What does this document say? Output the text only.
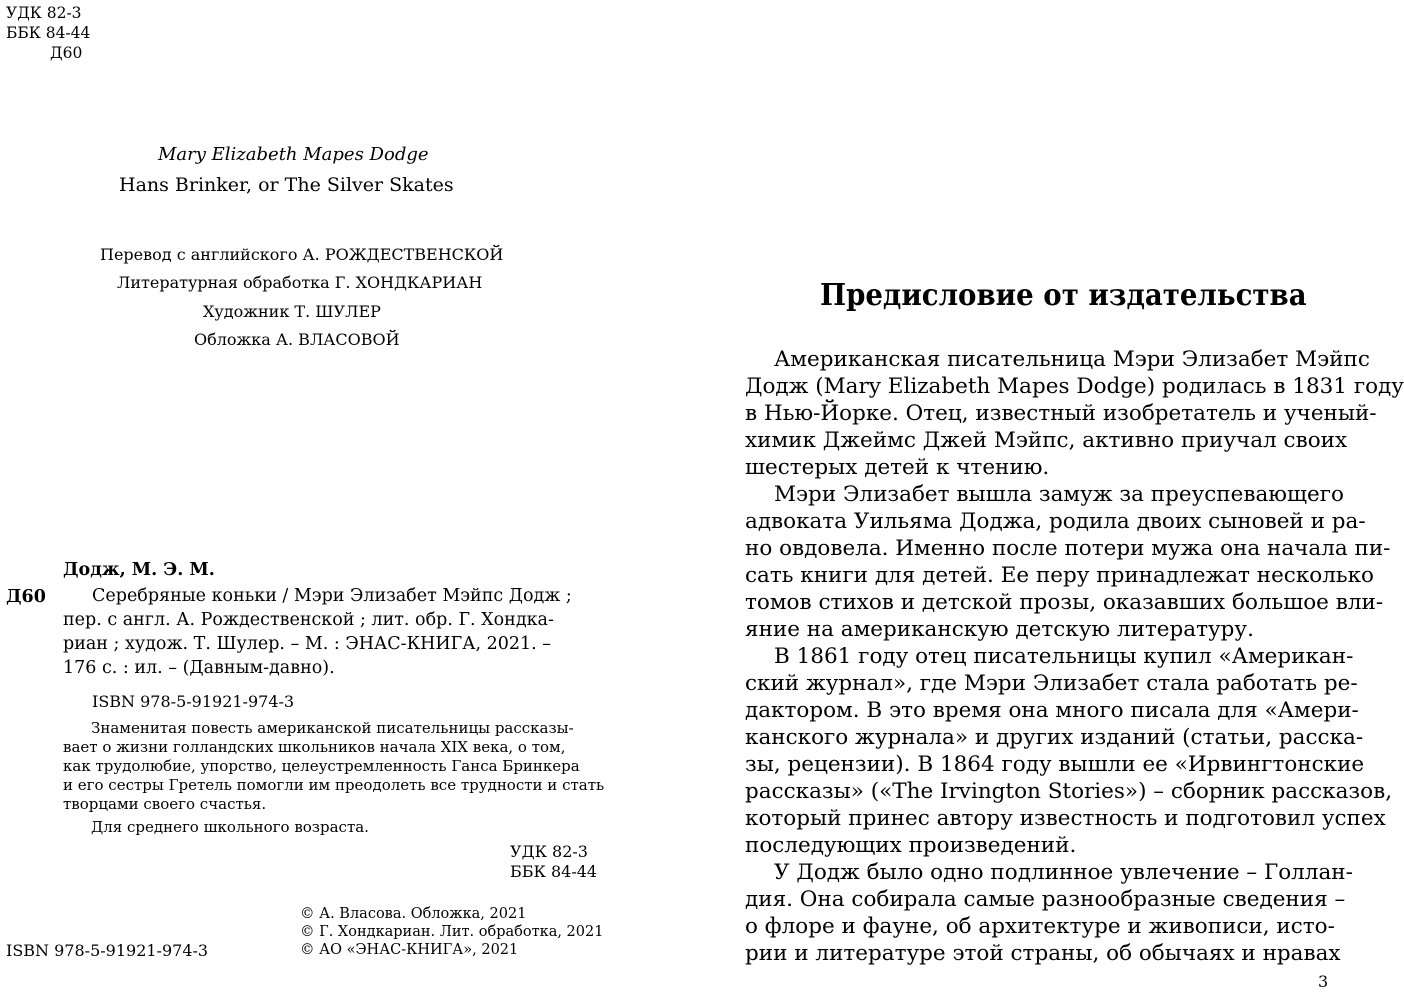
УДК 82-3
ББК 84-44
Д60
Mary Elizabeth Mapes Dodge
Hans Brinker, or The Silver Skates
Перевод с английского А. РОЖДЕСТВЕНСКОЙ
Литературная обработка Г. ХОНДКАРИАН
Художник Т. ШУЛЕР
Обложка А. ВЛАСОВОЙ
Додж, М. Э. М.
Д60	Серебряные коньки / Мэри Элизабет Мэйпс Додж ;
пер. с англ. А. Рождественской ; лит. обр. Г. Хондка-
риан ; худож. Т. Шулер. – М. : ЭНАС-КНИГА, 2021. –
176 с. : ил. – (Давным-давно).
ISBN 978-5-91921-974-3
Знаменитая повесть американской писательницы рассказы-
вает о жизни голландских школьников начала XIX века, о том,
как трудолюбие, упорство, целеустремленность Ганса Бринкера
и его сестры Гретель помогли им преодолеть все трудности и стать
творцами своего счастья.
Для среднего школьного возраста.
УДК 82-3
ББК 84-44
© А. Власова. Обложка, 2021
© Г. Хондкариан. Лит. обработка, 2021
© АО «ЭНАС-КНИГА», 2021
ISBN 978-5-91921-974-3
Предисловие от издательства
Американская писательница Мэри Элизабет Мэйпс
Додж (Mary Elizabeth Mapes Dodge) родилась в 1831 году
в Нью-Йорке. Отец, известный изобретатель и ученый-
химик Джеймс Джей Мэйпс, активно приучал своих
шестерых детей к чтению.
Мэри Элизабет вышла замуж за преуспевающего
адвоката Уильяма Доджа, родила двоих сыновей и ра-
но овдовела. Именно после потери мужа она начала пи-
сать книги для детей. Ее перу принадлежат несколько
томов стихов и детской прозы, оказавших большое вли-
яние на американскую детскую литературу.
В 1861 году отец писательницы купил «Американ-
ский журнал», где Мэри Элизабет стала работать ре-
дактором. В это время она много писала для «Амери-
канского журнала» и других изданий (статьи, расска-
зы, рецензии). В 1864 году вышли ее «Ирвингтонские
рассказы» («The Irvington Stories») – сборник рассказов,
который принес автору известность и подготовил успех
последующих произведений.
У Додж было одно подлинное увлечение – Голлан-
дия. Она собирала самые разнообразные сведения –
о флоре и фауне, об архитектуре и живописи, исто-
рии и литературе этой страны, об обычаях и нравах
3
